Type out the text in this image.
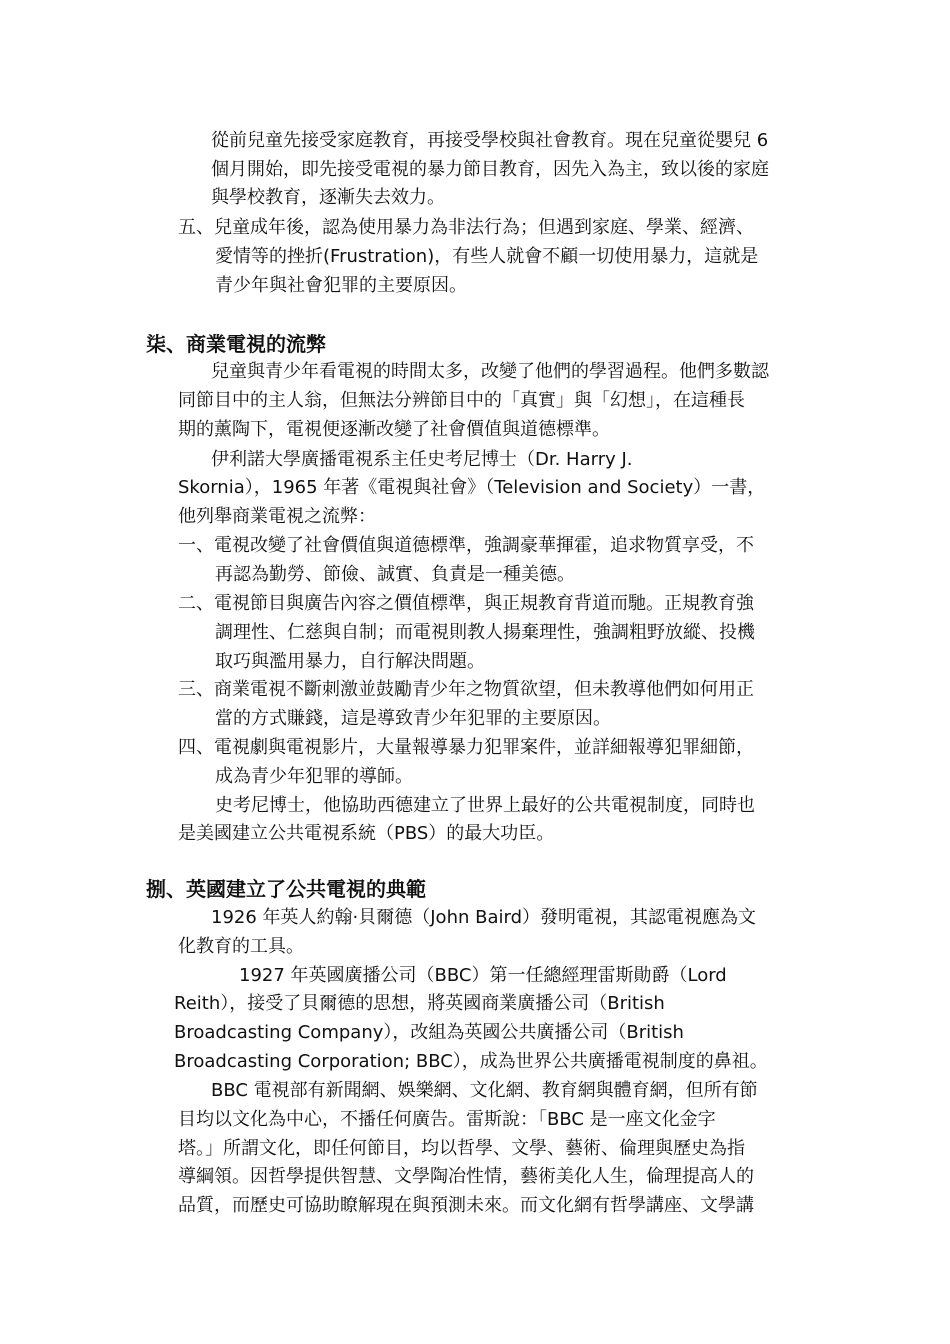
從前兒童先接受家庭教育，再接受學校與社會教育。現在兒童從嬰兒 6
個月開始，即先接受電視的暴力節目教育，因先入為主，致以後的家庭
與學校教育，逐漸失去效力。
五、兒童成年後，認為使用暴力為非法行為；但遇到家庭、學業、經濟、
愛情等的挫折(Frustration)，有些人就會不顧一切使用暴力，這就是
青少年與社會犯罪的主要原因。
柒、商業電視的流弊
兒童與青少年看電視的時間太多，改變了他們的學習過程。他們多數認
同節目中的主人翁，但無法分辨節目中的「真實」與「幻想」，在這種長
期的薰陶下，電視便逐漸改變了社會價值與道德標準。
伊利諾大學廣播電視系主任史考尼博士（Dr. Harry J.
Skornia），1965 年著《電視與社會》（Television and Society）一書，
他列舉商業電視之流弊：
一、電視改變了社會價值與道德標準，強調豪華揮霍，追求物質享受，不
再認為勤勞、節儉、誠實、負責是一種美德。
二、電視節目與廣告內容之價值標準，與正規教育背道而馳。正規教育強
調理性、仁慈與自制；而電視則教人揚棄理性，強調粗野放縱、投機
取巧與濫用暴力，自行解決問題。
三、商業電視不斷刺激並鼓勵青少年之物質欲望，但未教導他們如何用正
當的方式賺錢，這是導致青少年犯罪的主要原因。
四、電視劇與電視影片，大量報導暴力犯罪案件，並詳細報導犯罪細節，
成為青少年犯罪的導師。
史考尼博士，他協助西德建立了世界上最好的公共電視制度，同時也
是美國建立公共電視系統（PBS）的最大功臣。
捌、英國建立了公共電視的典範
1926 年英人約翰·貝爾德（John Baird）發明電視，其認電視應為文
化教育的工具。
1927 年英國廣播公司（BBC）第一任總經理雷斯勛爵（Lord
Reith），接受了貝爾德的思想，將英國商業廣播公司（British
Broadcasting Company），改組為英國公共廣播公司（British
Broadcasting Corporation; BBC），成為世界公共廣播電視制度的鼻祖。
BBC 電視部有新聞網、娛樂網、文化網、教育網與體育網，但所有節
目均以文化為中心，不播任何廣告。雷斯說：「BBC 是一座文化金字
塔。」所謂文化，即任何節目，均以哲學、文學、藝術、倫理與歷史為指
導綱領。因哲學提供智慧、文學陶冶性情，藝術美化人生，倫理提高人的
品質，而歷史可協助瞭解現在與預測未來。而文化網有哲學講座、文學講
